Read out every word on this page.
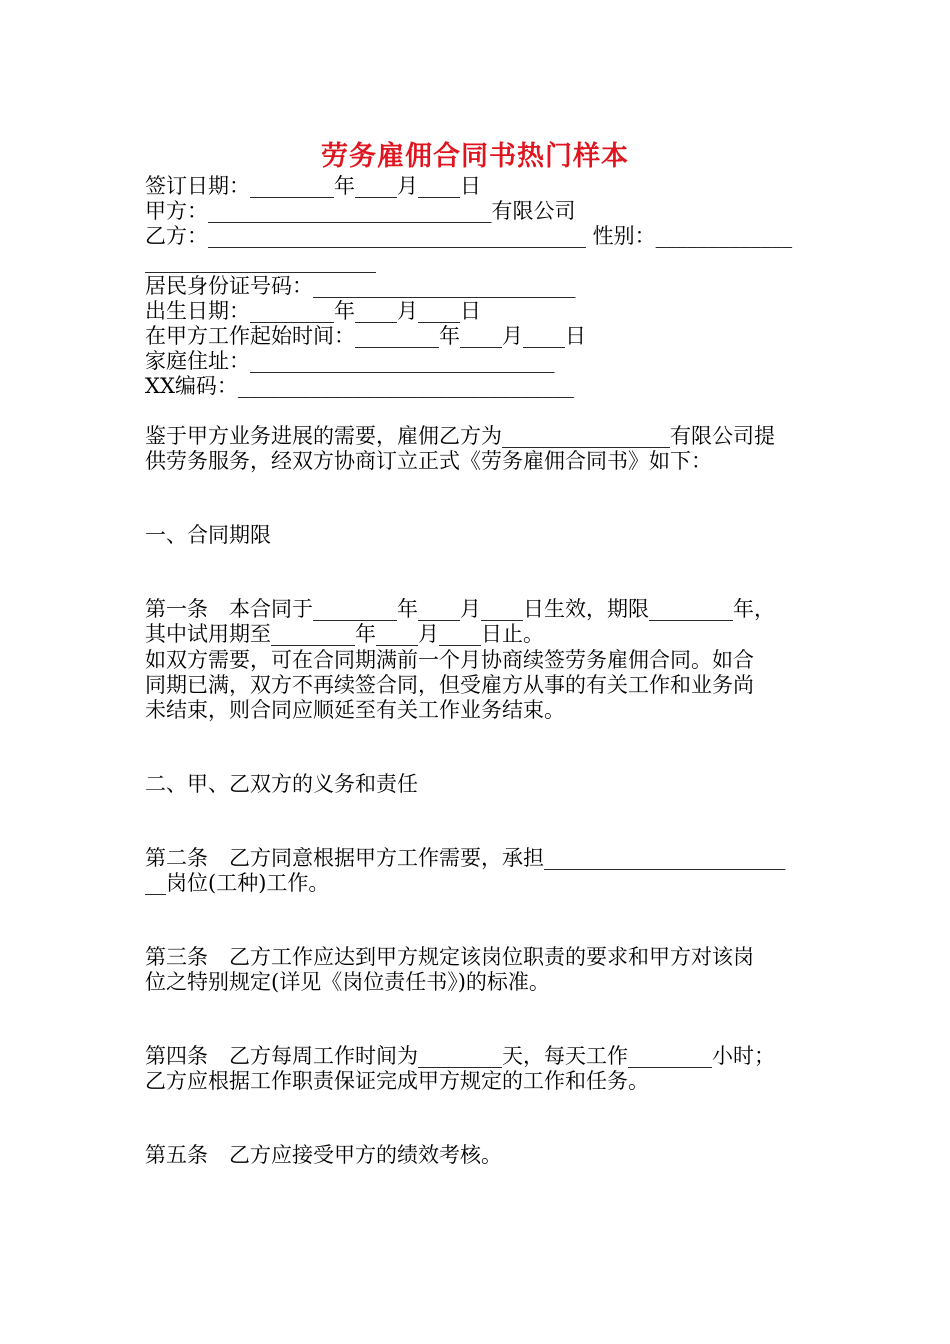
劳务雇佣合同书热门样本
签订日期：________年____月____日
甲方：___________________________有限公司
乙方：____________________________________ 性别：_____________
______________________
居民身份证号码：_________________________
出生日期：________年____月____日
在甲方工作起始时间：________年____月____日
家庭住址：_____________________________
XX编码：________________________________
鉴于甲方业务进展的需要，雇佣乙方为________________有限公司提
供劳务服务，经双方协商订立正式《劳务雇佣合同书》如下：
一、合同期限
第一条　本合同于________年____月____日生效，期限________年，
其中试用期至________年____月____日止。
如双方需要，可在合同期满前一个月协商续签劳务雇佣合同。如合
同期已满，双方不再续签合同，但受雇方从事的有关工作和业务尚
未结束，则合同应顺延至有关工作业务结束。
二、甲、乙双方的义务和责任
第二条　乙方同意根据甲方工作需要，承担_______________________
__岗位(工种)工作。
第三条　乙方工作应达到甲方规定该岗位职责的要求和甲方对该岗
位之特别规定(详见《岗位责任书》)的标准。
第四条　乙方每周工作时间为________天，每天工作________小时；
乙方应根据工作职责保证完成甲方规定的工作和任务。
第五条　乙方应接受甲方的绩效考核。
